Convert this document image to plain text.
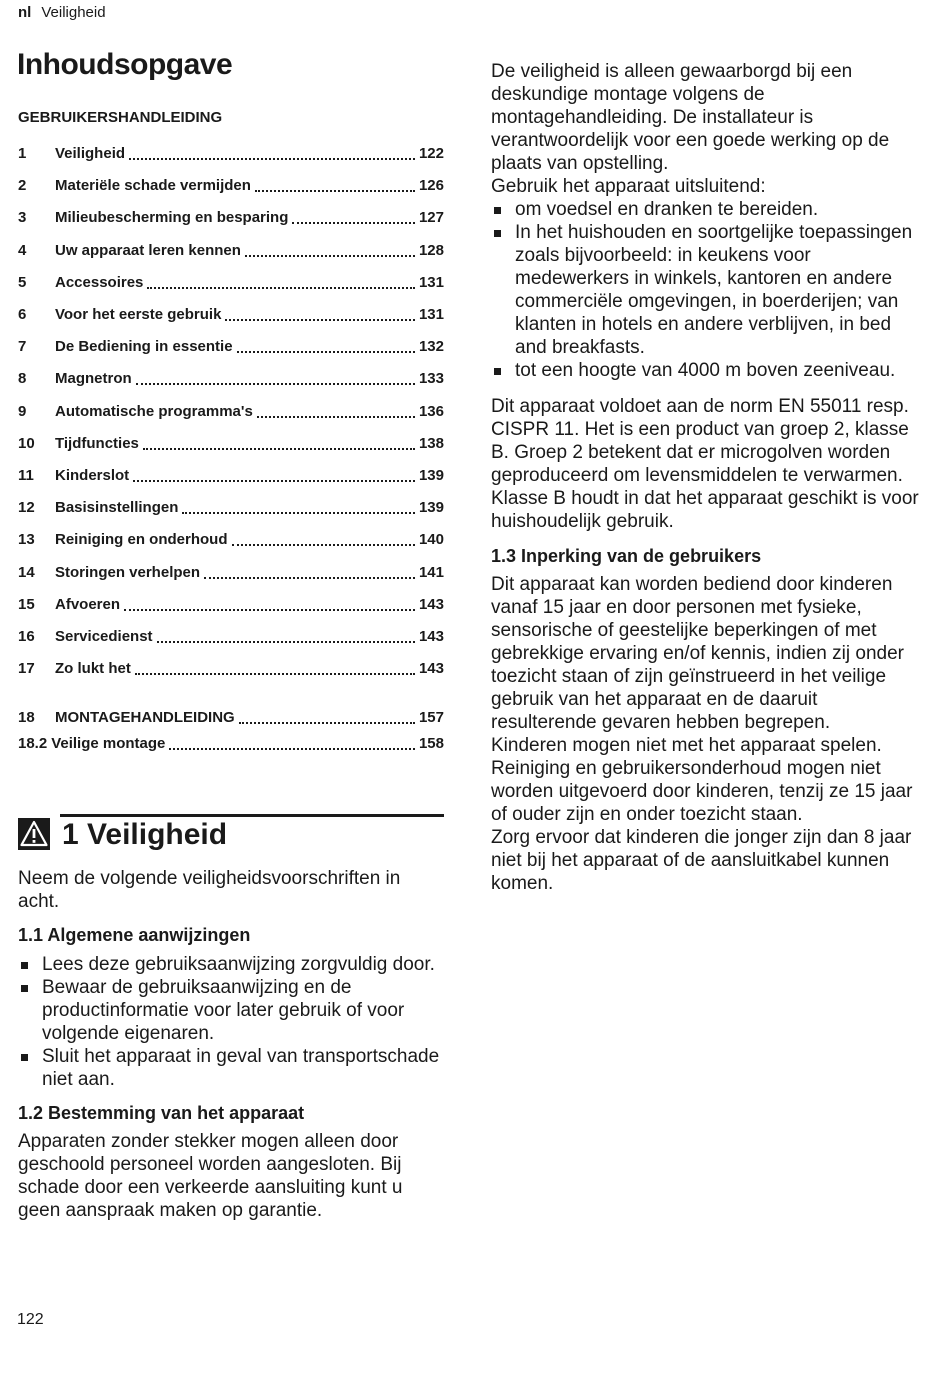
nl Veiligheid
Inhoudsopgave
GEBRUIKERSHANDLEIDING
1	Veiligheid	122
2	Materiële schade vermijden	126
3	Milieubescherming en besparing	127
4	Uw apparaat leren kennen	128
5	Accessoires	131
6	Voor het eerste gebruik	131
7	De Bediening in essentie	132
8	Magnetron	133
9	Automatische programma's	136
10	Tijdfuncties	138
11	Kinderslot	139
12	Basisinstellingen	139
13	Reiniging en onderhoud	140
14	Storingen verhelpen	141
15	Afvoeren	143
16	Servicedienst	143
17	Zo lukt het	143
18	MONTAGEHANDLEIDING	157
18.2 Veilige montage	158
1 Veiligheid

Neem de volgende veiligheidsvoorschriften in acht.

1.1 Algemene aanwijzingen
Lees deze gebruiksaanwijzing zorgvuldig door.
Bewaar de gebruiksaanwijzing en de productinformatie voor later gebruik of voor volgende eigenaren.
Sluit het apparaat in geval van transportschade niet aan.
1.2 Bestemming van het apparaat

Apparaten zonder stekker mogen alleen door geschoold personeel worden aangesloten. Bij schade door een verkeerde aansluiting kunt u geen aanspraak maken op garantie.

De veiligheid is alleen gewaarborgd bij een deskundige montage volgens de montagehandleiding. De installateur is verantwoordelijk voor een goede werking op de plaats van opstelling.

Gebruik het apparaat uitsluitend:

om voedsel en dranken te bereiden.
In het huishouden en soortgelijke toepassingen zoals bijvoorbeeld: in keukens voor medewerkers in winkels, kantoren en andere commerciële omgevingen, in boerderijen; van klanten in hotels en andere verblijven, in bed and breakfasts.
tot een hoogte van 4000 m boven zeeniveau.

Dit apparaat voldoet aan de norm EN 55011 resp. CISPR 11. Het is een product van groep 2, klasse B. Groep 2 betekent dat er microgolven worden geproduceerd om levensmiddelen te verwarmen. Klasse B houdt in dat het apparaat geschikt is voor huishoudelijk gebruik.

1.3 Inperking van de gebruikers

Dit apparaat kan worden bediend door kinderen vanaf 15 jaar en door personen met fysieke, sensorische of geestelijke beperkingen of met gebrekkige ervaring en/of kennis, indien zij onder toezicht staan of zijn geïnstrueerd in het veilige gebruik van het apparaat en de daaruit resulterende gevaren hebben begrepen.

Kinderen mogen niet met het apparaat spelen.

Reiniging en gebruikersonderhoud mogen niet worden uitgevoerd door kinderen, tenzij ze 15 jaar of ouder zijn en onder toezicht staan.

Zorg ervoor dat kinderen die jonger zijn dan 8 jaar niet bij het apparaat of de aansluitkabel kunnen komen.

122
